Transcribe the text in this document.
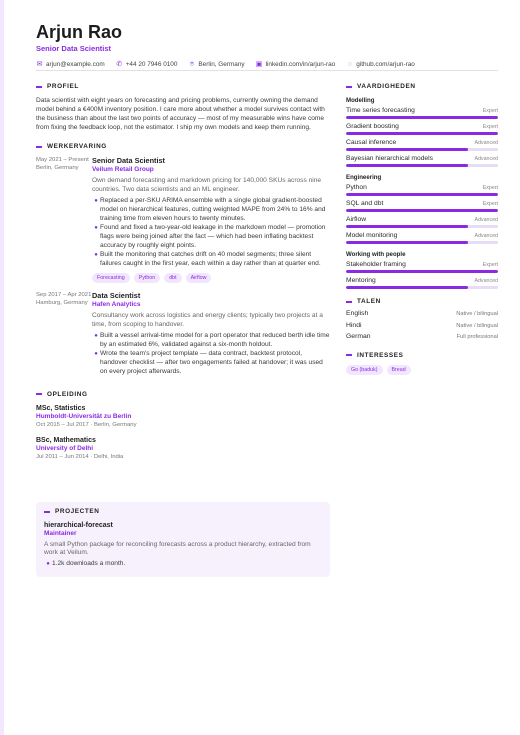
Arjun Rao
Senior Data Scientist
✉ arjun@example.com ✆ +44 20 7946 0100 ⌾ Berlin, Germany ▣ linkedin.com/in/arjun-rao ◌ github.com/arjun-rao
PROFIEL
Data scientist with eight years on forecasting and pricing problems, currently owning the demand model behind a €400M inventory position. I care more about whether a model survives contact with the business than about the last two points of accuracy — most of my measurable wins have come from fixing the feedback loop, not the estimator. I ship my own models and keep them running.
WERKERVARING
May 2021 – Present
Berlin, Germany
Senior Data Scientist
Veilum Retail Group
Own demand forecasting and markdown pricing for 140,000 SKUs across nine countries. Two data scientists and an ML engineer.
● Replaced a per-SKU ARIMA ensemble with a single global gradient-boosted model on hierarchical features, cutting weighted MAPE from 24% to 16% and training time from eleven hours to twenty minutes.
● Found and fixed a two-year-old leakage in the markdown model — promotion flags were being joined after the fact — which had been inflating backtest accuracy by roughly eight points.
● Built the monitoring that catches drift on 40 model segments; three silent failures caught in the first year, each within a day rather than at quarter end.
Forecasting	Python	dbt	Airflow
Sep 2017 – Apr 2021
Hamburg, Germany
Data Scientist
Hafen Analytics
Consultancy work across logistics and energy clients; typically two projects at a time, from scoping to handover.
● Built a vessel arrival-time model for a port operator that reduced berth idle time by an estimated 6%, validated against a six-month holdout.
● Wrote the team's project template — data contract, backtest protocol, handover checklist — after two engagements failed at handover; it was used on every project afterwards.
OPLEIDING
MSc, Statistics
Humboldt-Universität zu Berlin
Oct 2015 – Jul 2017 · Berlin, Germany
BSc, Mathematics
University of Delhi
Jul 2011 – Jun 2014 · Delhi, India
PROJECTEN
hierarchical-forecast
Maintainer
A small Python package for reconciling forecasts across a product hierarchy, extracted from work at Veilum.
● 1.2k downloads a month.
VAARDIGHEDEN
Modelling
Time series forecasting	Expert
Gradient boosting	Expert
Causal inference	Advanced
Bayesian hierarchical models	Advanced
Engineering
Python	Expert
SQL and dbt	Expert
Airflow	Advanced
Model monitoring	Advanced
Working with people
Stakeholder framing	Expert
Mentoring	Advanced
TALEN
English	Native / bilingual
Hindi	Native / bilingual
German	Full professional
INTERESSES
Go (baduk)	Bread
